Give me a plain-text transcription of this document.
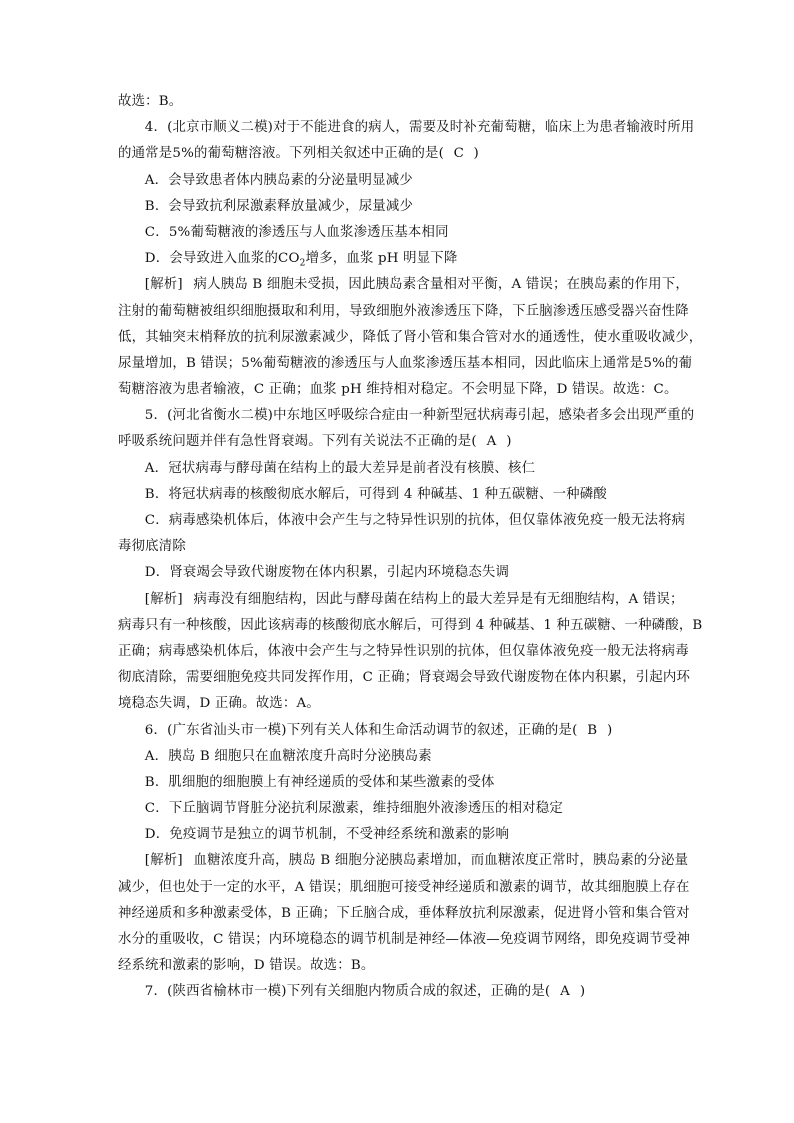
故选：B。
4．(北京市顺义二模)对于不能进食的病人，需要及时补充葡萄糖，临床上为患者输液时所用
的通常是5%的葡萄糖溶液。下列相关叙述中正确的是( C )
A．会导致患者体内胰岛素的分泌量明显减少
B．会导致抗利尿激素释放量减少，尿量减少
C．5%葡萄糖液的渗透压与人血浆渗透压基本相同
D．会导致进入血浆的$CO_2$增多，血浆 pH 明显下降
[解析] 病人胰岛 B 细胞未受损，因此胰岛素含量相对平衡，A 错误；在胰岛素的作用下，
注射的葡萄糖被组织细胞摄取和利用，导致细胞外液渗透压下降，下丘脑渗透压感受器兴奋性降
低，其轴突末梢释放的抗利尿激素减少，降低了肾小管和集合管对水的通透性，使水重吸收减少，
尿量增加，B 错误；5%葡萄糖液的渗透压与人血浆渗透压基本相同，因此临床上通常是5%的葡
萄糖溶液为患者输液，C 正确；血浆 pH 维持相对稳定。不会明显下降，D 错误。故选：C。
5．(河北省衡水二模)中东地区呼吸综合症由一种新型冠状病毒引起，感染者多会出现严重的
呼吸系统问题并伴有急性肾衰竭。下列有关说法不正确的是( A )
A．冠状病毒与酵母菌在结构上的最大差异是前者没有核膜、核仁
B．将冠状病毒的核酸彻底水解后，可得到 4 种碱基、1 种五碳糖、一种磷酸
C．病毒感染机体后，体液中会产生与之特异性识别的抗体，但仅靠体液免疫一般无法将病
毒彻底清除
D．肾衰竭会导致代谢废物在体内积累，引起内环境稳态失调
[解析] 病毒没有细胞结构，因此与酵母菌在结构上的最大差异是有无细胞结构，A 错误；
病毒只有一种核酸，因此该病毒的核酸彻底水解后，可得到 4 种碱基、1 种五碳糖、一种磷酸，B
正确；病毒感染机体后，体液中会产生与之特异性识别的抗体，但仅靠体液免疫一般无法将病毒
彻底清除，需要细胞免疫共同发挥作用，C 正确；肾衰竭会导致代谢废物在体内积累，引起内环
境稳态失调，D 正确。故选：A。
6．(广东省汕头市一模)下列有关人体和生命活动调节的叙述，正确的是( B )
A．胰岛 B 细胞只在血糖浓度升高时分泌胰岛素
B．肌细胞的细胞膜上有神经递质的受体和某些激素的受体
C．下丘脑调节肾脏分泌抗利尿激素，维持细胞外液渗透压的相对稳定
D．免疫调节是独立的调节机制，不受神经系统和激素的影响
[解析] 血糖浓度升高，胰岛 B 细胞分泌胰岛素增加，而血糖浓度正常时，胰岛素的分泌量
减少，但也处于一定的水平，A 错误；肌细胞可接受神经递质和激素的调节，故其细胞膜上存在
神经递质和多种激素受体，B 正确；下丘脑合成，垂体释放抗利尿激素，促进肾小管和集合管对
水分的重吸收，C 错误；内环境稳态的调节机制是神经—体液—免疫调节网络，即免疫调节受神
经系统和激素的影响，D 错误。故选：B。
7．(陕西省榆林市一模)下列有关细胞内物质合成的叙述，正确的是( A )
